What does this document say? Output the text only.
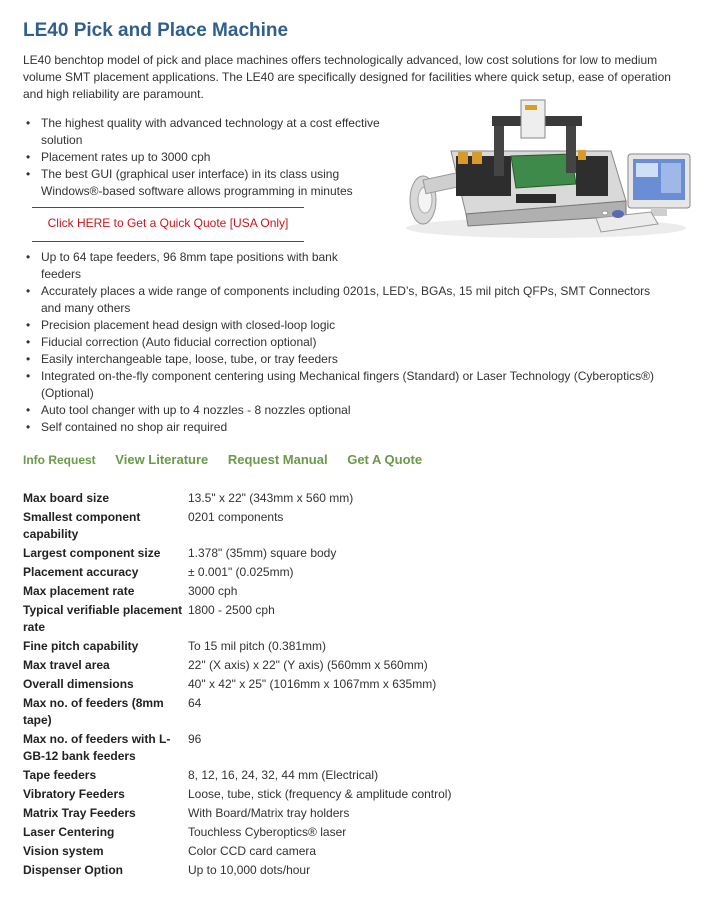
LE40 Pick and Place Machine

LE40 benchtop model of pick and place machines offers technologically advanced, low cost solutions for low to medium volume SMT placement applications. The LE40 are specifically designed for facilities where quick setup, ease of operation and high reliability are paramount.

• The highest quality with advanced technology at a cost effective solution
• Placement rates up to 3000 cph
• The best GUI (graphical user interface) in its class using Windows®-based software allows programming in minutes
Click HERE to Get a Quick Quote [USA Only]
• Up to 64 tape feeders, 96 8mm tape positions with bank feeders
• Accurately places a wide range of components including 0201s, LED’s, BGAs, 15 mil pitch QFPs, SMT Connectors and many others
• Precision placement head design with closed-loop logic
• Fiducial correction (Auto fiducial correction optional)
• Easily interchangeable tape, loose, tube, or tray feeders
• Integrated on-the-fly component centering using Mechanical fingers (Standard) or Laser Technology (Cyberoptics®) (Optional)
• Auto tool changer with up to 4 nozzles - 8 nozzles optional
• Self contained no shop air required
Info Request View Literature Request Manual Get A Quote
Max board size	13.5" x 22" (343mm x 560 mm)
Smallest component capability	0201 components
Largest component size	1.378" (35mm) square body
Placement accuracy	± 0.001" (0.025mm)
Max placement rate	3000 cph
Typical verifiable placement rate	1800 - 2500 cph
Fine pitch capability	To 15 mil pitch (0.381mm)
Max travel area	22" (X axis) x 22" (Y axis) (560mm x 560mm)
Overall dimensions	40" x 42" x 25" (1016mm x 1067mm x 635mm)
Max no. of feeders (8mm tape)	64
Max no. of feeders with L-GB-12 bank feeders	96
Tape feeders	8, 12, 16, 24, 32, 44 mm (Electrical)
Vibratory Feeders	Loose, tube, stick (frequency & amplitude control)
Matrix Tray Feeders	With Board/Matrix tray holders
Laser Centering	Touchless Cyberoptics® laser
Vision system	Color CCD card camera
Dispenser Option	Up to 10,000 dots/hour
